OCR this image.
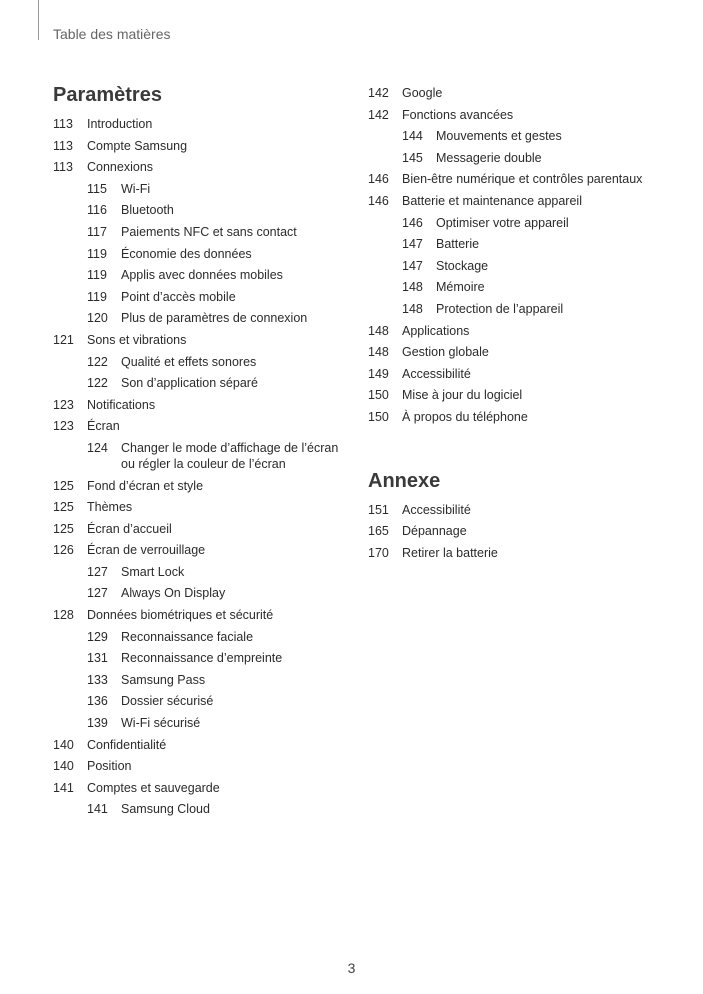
Table des matières
Paramètres
113	Introduction
113	Compte Samsung
113	Connexions
115	Wi-Fi
116	Bluetooth
117	Paiements NFC et sans contact
119	Économie des données
119	Applis avec données mobiles
119	Point d’accès mobile
120	Plus de paramètres de connexion
121	Sons et vibrations
122	Qualité et effets sonores
122	Son d’application séparé
123	Notifications
123	Écran
124	Changer le mode d’affichage de l’écran ou régler la couleur de l’écran
125	Fond d’écran et style
125	Thèmes
125	Écran d’accueil
126	Écran de verrouillage
127	Smart Lock
127	Always On Display
128	Données biométriques et sécurité
129	Reconnaissance faciale
131	Reconnaissance d’empreinte
133	Samsung Pass
136	Dossier sécurisé
139	Wi-Fi sécurisé
140	Confidentialité
140	Position
141	Comptes et sauvegarde
141	Samsung Cloud
142	Google
142	Fonctions avancées
144	Mouvements et gestes
145	Messagerie double
146	Bien-être numérique et contrôles parentaux
146	Batterie et maintenance appareil
146	Optimiser votre appareil
147	Batterie
147	Stockage
148	Mémoire
148	Protection de l’appareil
148	Applications
148	Gestion globale
149	Accessibilité
150	Mise à jour du logiciel
150	À propos du téléphone
Annexe
151	Accessibilité
165	Dépannage
170	Retirer la batterie
3
